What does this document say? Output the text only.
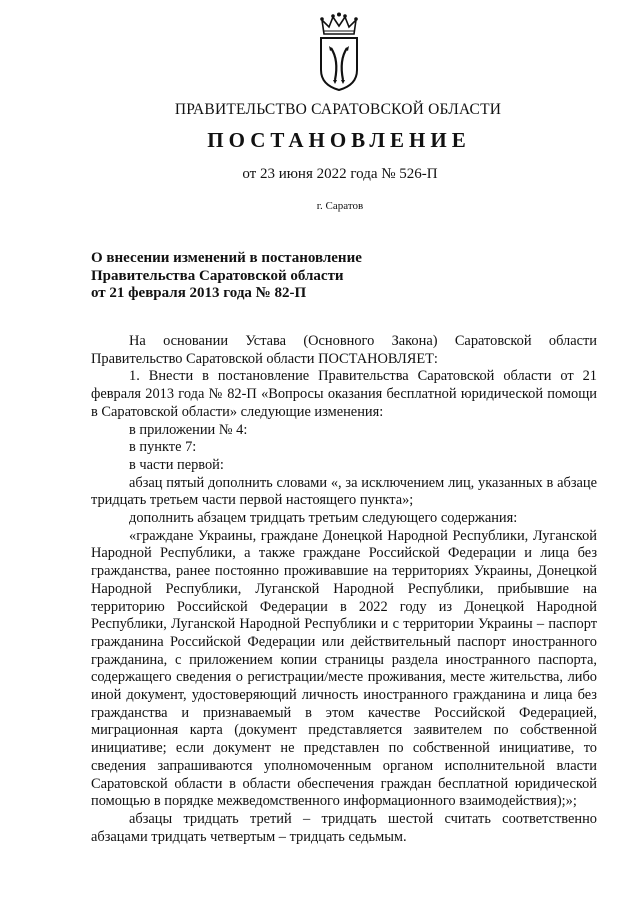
ПРАВИТЕЛЬСТВО САРАТОВСКОЙ ОБЛАСТИ
ПОСТАНОВЛЕНИЕ
от 23 июня 2022 года № 526-П
г. Саратов
О внесении изменений в постановление
Правительства Саратовской области
от 21 февраля 2013 года № 82-П

На основании Устава (Основного Закона) Саратовской области Правительство Саратовской области ПОСТАНОВЛЯЕТ:

1. Внести в постановление Правительства Саратовской области от 21 февраля 2013 года № 82-П «Вопросы оказания бесплатной юридической помощи в Саратовской области» следующие изменения:

в приложении № 4:

в пункте 7:

в части первой:

абзац пятый дополнить словами «, за исключением лиц, указанных в абзаце тридцать третьем части первой настоящего пункта»;

дополнить абзацем тридцать третьим следующего содержания:

«граждане Украины, граждане Донецкой Народной Республики, Луганской Народной Республики, а также граждане Российской Федерации и лица без гражданства, ранее постоянно проживавшие на территориях Украины, Донецкой Народной Республики, Луганской Народной Республики, прибывшие на территорию Российской Федерации в 2022 году из Донецкой Народной Республики, Луганской Народной Республики и с территории Украины – паспорт гражданина Российской Федерации или действительный паспорт иностранного гражданина, с приложением копии страницы раздела иностранного паспорта, содержащего сведения о регистрации/месте проживания, месте жительства, либо иной документ, удостоверяющий личность иностранного гражданина и лица без гражданства и признаваемый в этом качестве Российской Федерацией, миграционная карта (документ представляется заявителем по собственной инициативе; если документ не представлен по собственной инициативе, то сведения запрашиваются уполномоченным органом исполнительной власти Саратовской области в области обеспечения граждан бесплатной юридической помощью в порядке межведомственного информационного взаимодействия);»;

абзацы тридцать третий – тридцать шестой считать соответственно абзацами тридцать четвертым – тридцать седьмым.
